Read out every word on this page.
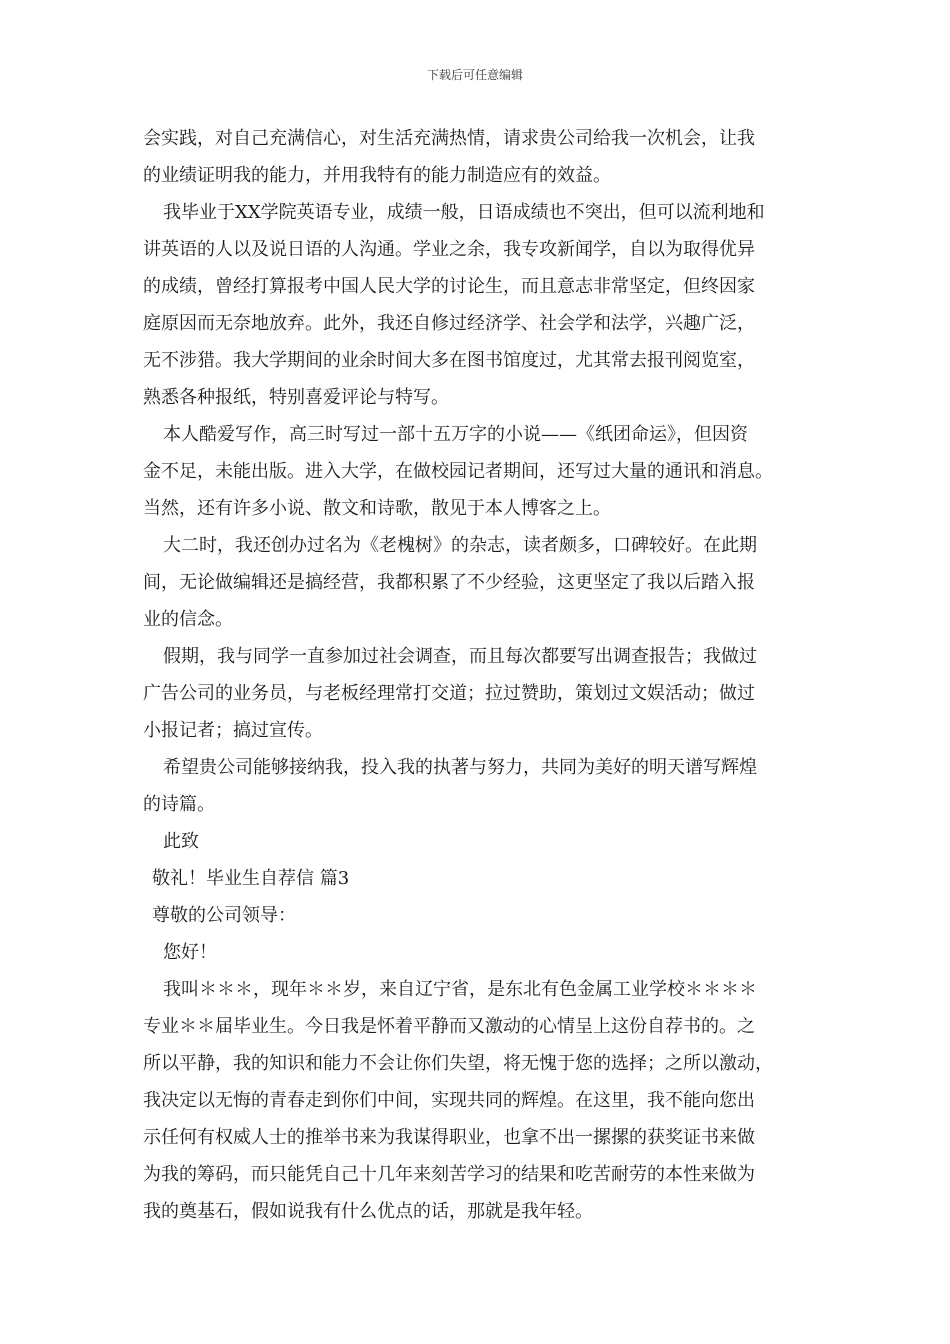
下载后可任意编辑
会实践，对自己充满信心，对生活充满热情，请求贵公司给我一次机会，让我
的业绩证明我的能力，并用我特有的能力制造应有的效益。
我毕业于XX学院英语专业，成绩一般，日语成绩也不突出，但可以流利地和
讲英语的人以及说日语的人沟通。学业之余，我专攻新闻学，自以为取得优异
的成绩，曾经打算报考中国人民大学的讨论生，而且意志非常坚定，但终因家
庭原因而无奈地放弃。此外，我还自修过经济学、社会学和法学，兴趣广泛，
无不涉猎。我大学期间的业余时间大多在图书馆度过，尤其常去报刊阅览室，
熟悉各种报纸，特别喜爱评论与特写。
本人酷爱写作，高三时写过一部十五万字的小说——《纸团命运》，但因资
金不足，未能出版。进入大学，在做校园记者期间，还写过大量的通讯和消息。
当然，还有许多小说、散文和诗歌，散见于本人博客之上。
大二时，我还创办过名为《老槐树》的杂志，读者颇多，口碑较好。在此期
间，无论做编辑还是搞经营，我都积累了不少经验，这更坚定了我以后踏入报
业的信念。
假期，我与同学一直参加过社会调查，而且每次都要写出调查报告；我做过
广告公司的业务员，与老板经理常打交道；拉过赞助，策划过文娱活动；做过
小报记者；搞过宣传。
希望贵公司能够接纳我，投入我的执著与努力，共同为美好的明天谱写辉煌
的诗篇。
此致
敬礼！毕业生自荐信 篇3
尊敬的公司领导：
您好！
我叫＊＊＊，现年＊＊岁，来自辽宁省，是东北有色金属工业学校＊＊＊＊
专业＊＊届毕业生。今日我是怀着平静而又激动的心情呈上这份自荐书的。之
所以平静，我的知识和能力不会让你们失望，将无愧于您的选择；之所以激动，
我决定以无悔的青春走到你们中间，实现共同的辉煌。在这里，我不能向您出
示任何有权威人士的推举书来为我谋得职业，也拿不出一摞摞的获奖证书来做
为我的筹码，而只能凭自己十几年来刻苦学习的结果和吃苦耐劳的本性来做为
我的奠基石，假如说我有什么优点的话，那就是我年轻。
